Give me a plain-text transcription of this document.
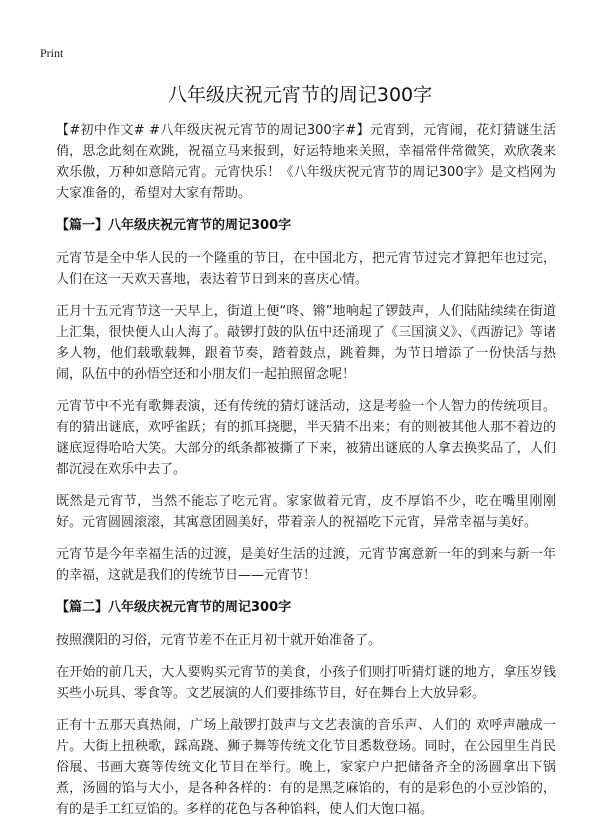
Print
八年级庆祝元宵节的周记300字

【#初中作文# #八年级庆祝元宵节的周记300字#】元宵到，元宵闹，花灯猜谜生活俏，思念此刻在欢跳，祝福立马来报到，好运特地来关照，幸福常伴常微笑，欢欣袭来欢乐傲，万种如意陪元宵。元宵快乐！《八年级庆祝元宵节的周记300字》是文档网为大家准备的，希望对大家有帮助。

【篇一】八年级庆祝元宵节的周记300字

元宵节是全中华人民的一个隆重的节日，在中国北方，把元宵节过完才算把年也过完，人们在这一天欢天喜地，表达着节日到来的喜庆心情。

正月十五元宵节这一天早上，街道上便“咚、锵”地响起了锣鼓声，人们陆陆续续在街道上汇集，很快便人山人海了。敲锣打鼓的队伍中还涌现了《三国演义》、《西游记》等诸多人物，他们载歌载舞，跟着节奏，踏着鼓点，跳着舞，为节日增添了一份快活与热闹，队伍中的孙悟空还和小朋友们一起拍照留念呢！

元宵节中不光有歌舞表演，还有传统的猜灯谜活动，这是考验一个人智力的传统项目。有的猜出谜底，欢呼雀跃；有的抓耳挠腮，半天猜不出来；有的则被其他人那不着边的谜底逗得哈哈大笑。大部分的纸条都被撕了下来，被猜出谜底的人拿去换奖品了，人们都沉浸在欢乐中去了。

既然是元宵节，当然不能忘了吃元宵。家家做着元宵，皮不厚馅不少，吃在嘴里刚刚好。元宵圆圆滚滚，其寓意团圆美好，带着亲人的祝福吃下元宵，异常幸福与美好。

元宵节是今年幸福生活的过渡，是美好生活的过渡，元宵节寓意新一年的到来与新一年的幸福，这就是我们的传统节日——元宵节！

【篇二】八年级庆祝元宵节的周记300字

按照濮阳的习俗，元宵节差不在正月初十就开始准备了。

在开始的前几天，大人要购买元宵节的美食，小孩子们则打听猜灯谜的地方，拿压岁钱买些小玩具、零食等。文艺展演的人们要排练节目，好在舞台上大放异彩。

正有十五那天真热闹，广场上敲锣打鼓声与文艺表演的音乐声、人们的 欢呼声融成一片。大街上扭秧歌，踩高跷、狮子舞等传统文化节目悉数登场。同时，在公园里生肖民俗展、书画大赛等传统文化节目在举行。晚上，家家户户把储备齐全的汤圆拿出下锅煮，汤圆的馅与大小，是各种各样的：有的是黑芝麻馅的，有的是彩色的小豆沙馅的，有的是手工红豆馅的。多样的花色与各种馅料，使人们大饱口福。
